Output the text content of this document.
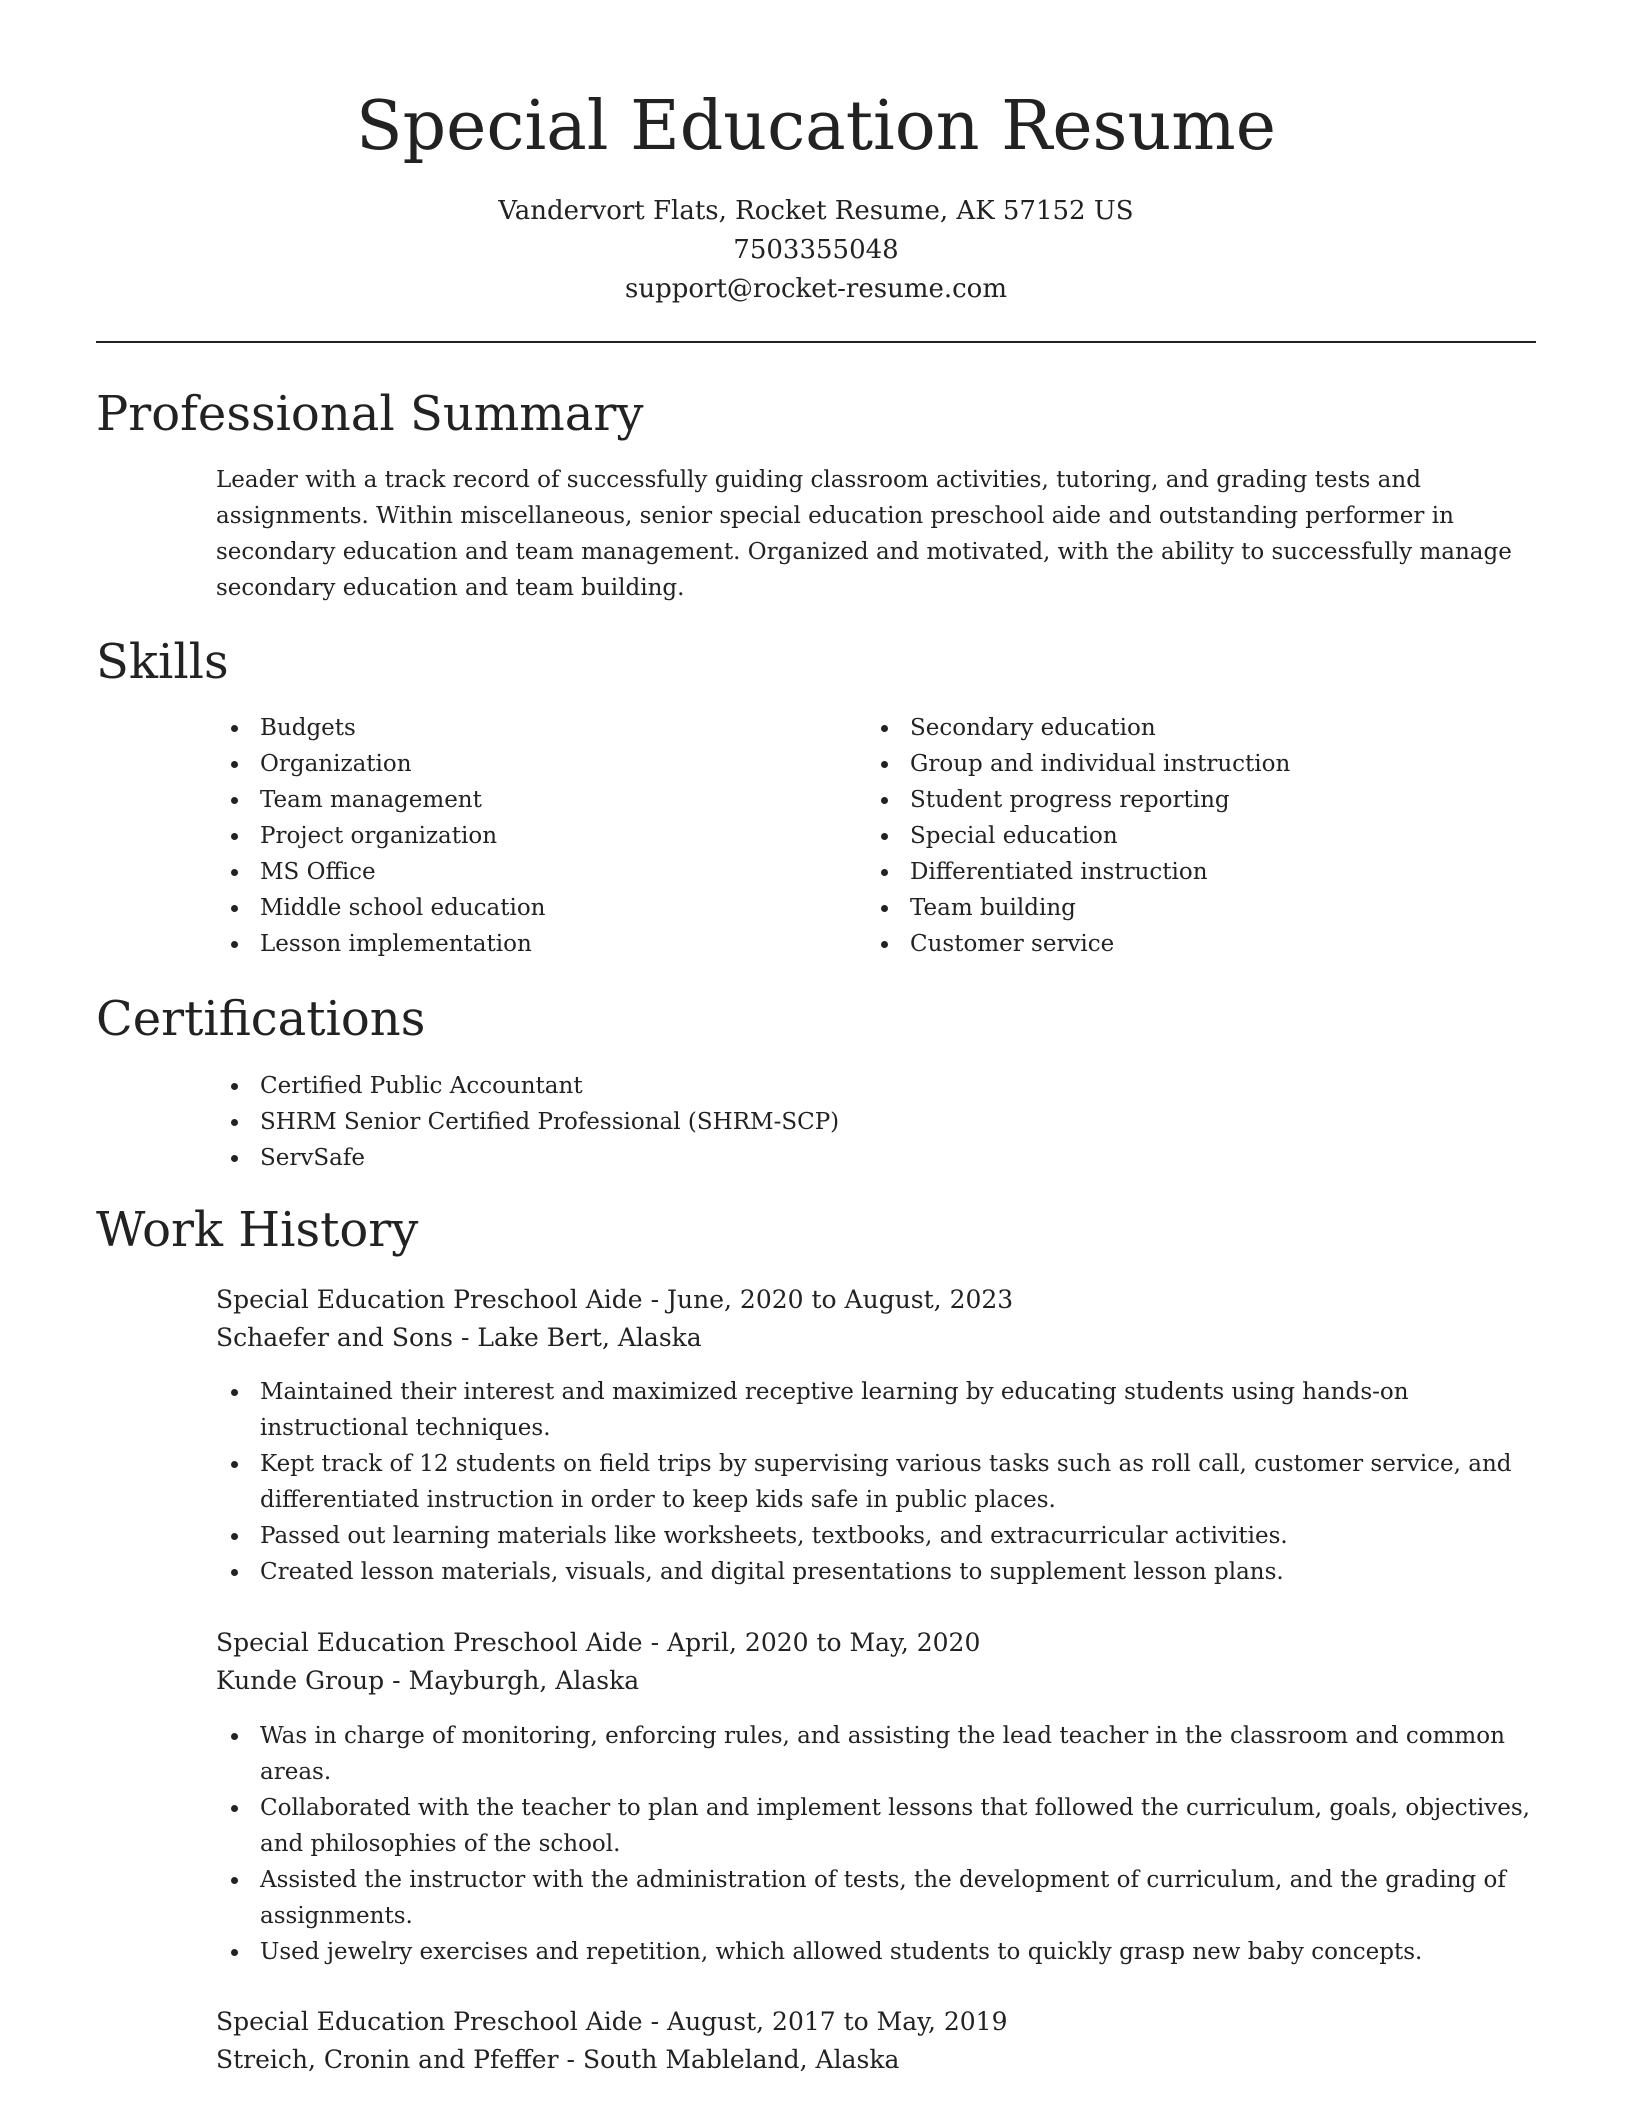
Special Education Resume
Vandervort Flats, Rocket Resume, AK 57152 US
7503355048
support@rocket-resume.com
Professional Summary
Leader with a track record of successfully guiding classroom activities, tutoring, and grading tests and assignments. Within miscellaneous, senior special education preschool aide and outstanding performer in secondary education and team management. Organized and motivated, with the ability to successfully manage secondary education and team building.
Skills
Budgets
Organization
Team management
Project organization
MS Office
Middle school education
Lesson implementation
Secondary education
Group and individual instruction
Student progress reporting
Special education
Differentiated instruction
Team building
Customer service
Certifications
Certified Public Accountant
SHRM Senior Certified Professional (SHRM-SCP)
ServSafe
Work History
Special Education Preschool Aide - June, 2020 to August, 2023
Schaefer and Sons - Lake Bert, Alaska
Maintained their interest and maximized receptive learning by educating students using hands-on instructional techniques.
Kept track of 12 students on field trips by supervising various tasks such as roll call, customer service, and differentiated instruction in order to keep kids safe in public places.
Passed out learning materials like worksheets, textbooks, and extracurricular activities.
Created lesson materials, visuals, and digital presentations to supplement lesson plans.
Special Education Preschool Aide - April, 2020 to May, 2020
Kunde Group - Mayburgh, Alaska
Was in charge of monitoring, enforcing rules, and assisting the lead teacher in the classroom and common areas.
Collaborated with the teacher to plan and implement lessons that followed the curriculum, goals, objectives, and philosophies of the school.
Assisted the instructor with the administration of tests, the development of curriculum, and the grading of assignments.
Used jewelry exercises and repetition, which allowed students to quickly grasp new baby concepts.
Special Education Preschool Aide - August, 2017 to May, 2019
Streich, Cronin and Pfeffer - South Mableland, Alaska
